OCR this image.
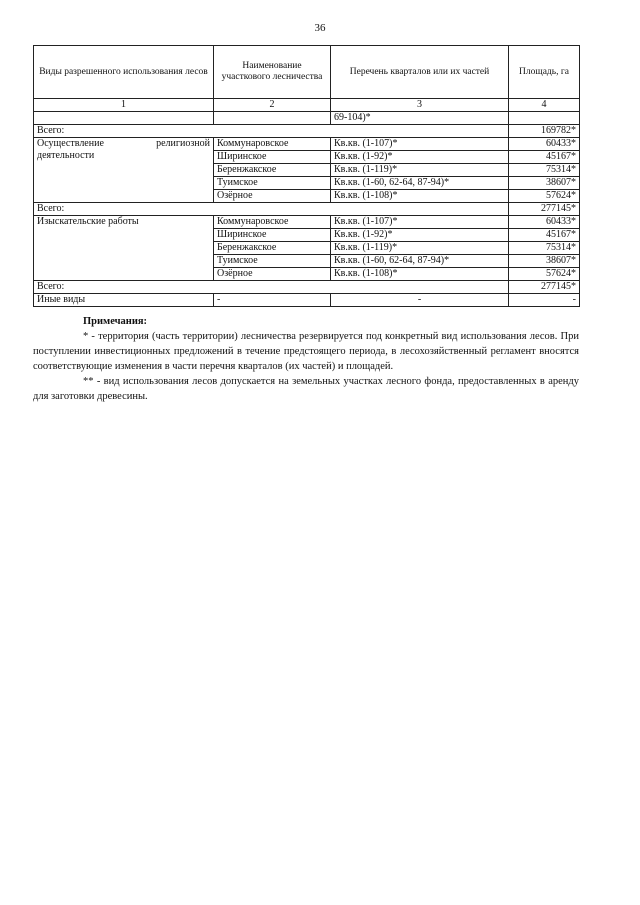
36
Виды разрешенного использования лесов	Наименование участкового лесничества	Перечень кварталов или их частей	Площадь, га
1	2	3	4
		69-104)*	
Всего:			169782*

Осуществление религиозной
деятельности	Коммунаровское	Кв.кв. (1-107)*	60433*
	Ширинское	Кв.кв. (1-92)*	45167*
	Беренжакское	Кв.кв. (1-119)*	75314*
	Туимское	Кв.кв. (1-60, 62-64, 87-94)*	38607*
	Озёрное	Кв.кв. (1-108)*	57624*
Всего:			277145*
Изыскательские работы	Коммунаровское	Кв.кв. (1-107)*	60433*
	Ширинское	Кв.кв. (1-92)*	45167*
	Беренжакское	Кв.кв. (1-119)*	75314*
	Туимское	Кв.кв. (1-60, 62-64, 87-94)*	38607*
	Озёрное	Кв.кв. (1-108)*	57624*
Всего:			277145*
Иные виды	-	-	-
Примечания:

* - территория (часть территории) лесничества резервируется под конкретный вид использования лесов. При поступлении инвестиционных предложений в течение предстоящего периода, в лесохозяйственный регламент вносятся соответствующие изменения в части перечня кварталов (их частей) и площадей.

** - вид использования лесов допускается на земельных участках лесного фонда, предоставленных в аренду для заготовки древесины.
